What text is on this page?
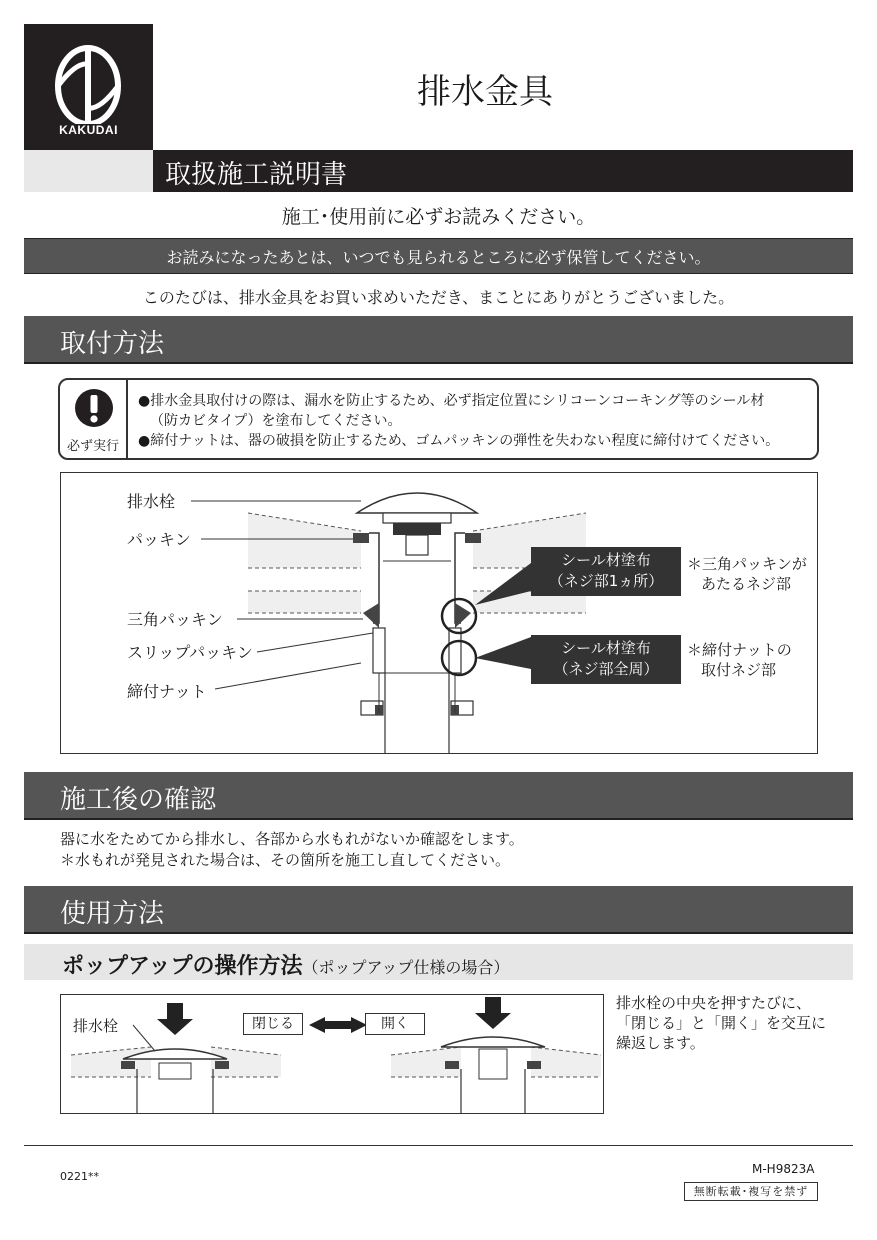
KAKUDAI
排水金具
取扱施工説明書
施工･使用前に必ずお読みください。
お読みになったあとは、いつでも見られるところに必ず保管してください。
このたびは、排水金具をお買い求めいただき、まことにありがとうございました。
取付方法
必ず実行
●排水金具取付けの際は、漏水を防止するため、必ず指定位置にシリコーンコーキング等のシール材
（防カビタイプ）を塗布してください。
●締付ナットは、器の破損を防止するため、ゴムパッキンの弾性を失わない程度に締付けてください。
排水栓
パッキン
三角パッキン
スリップパッキン
締付ナット
シール材塗布
（ネジ部1ヵ所）
シール材塗布
（ネジ部全周）
＊三角パッキンが
あたるネジ部
＊締付ナットの
取付ネジ部
施工後の確認
器に水をためてから排水し、各部から水もれがないか確認をします。
＊水もれが発見された場合は、その箇所を施工し直してください。
使用方法
ポップアップの操作方法（ポップアップ仕様の場合）
排水栓	閉じる	開く
排水栓の中央を押すたびに、
「閉じる」と「開く」を交互に
繰返します。
0221**
M-H9823A
無断転載･複写を禁ず
